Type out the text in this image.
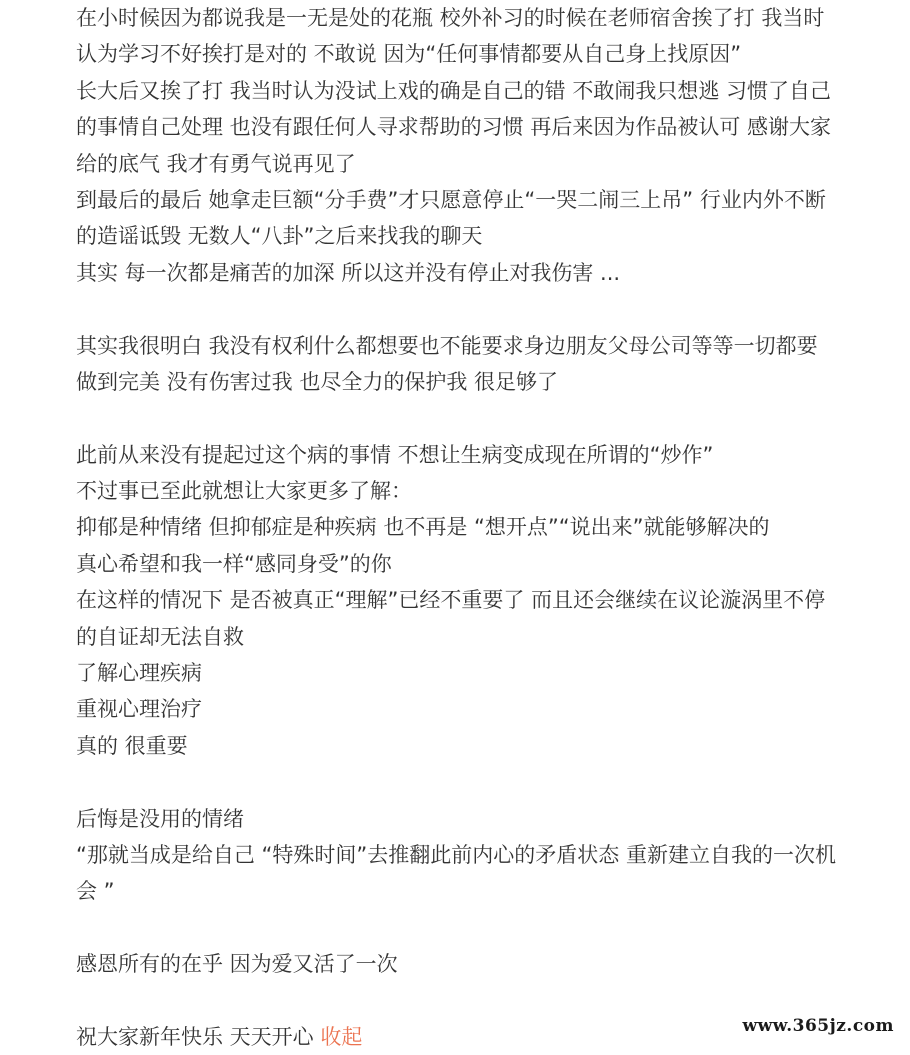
在小时候因为都说我是一无是处的花瓶 校外补习的时候在老师宿舍挨了打 我当时

认为学习不好挨打是对的 不敢说 因为“任何事情都要从自己身上找原因”

长大后又挨了打 我当时认为没试上戏的确是自己的错 不敢闹我只想逃 习惯了自己

的事情自己处理 也没有跟任何人寻求帮助的习惯 再后来因为作品被认可 感谢大家

给的底气 我才有勇气说再见了

到最后的最后 她拿走巨额“分手费”才只愿意停止“一哭二闹三上吊” 行业内外不断

的造谣诋毁 无数人“八卦”之后来找我的聊天

其实 每一次都是痛苦的加深 所以这并没有停止对我伤害 ...

其实我很明白 我没有权利什么都想要也不能要求身边朋友父母公司等等一切都要

做到完美 没有伤害过我 也尽全力的保护我 很足够了

此前从来没有提起过这个病的事情 不想让生病变成现在所谓的“炒作”

不过事已至此就想让大家更多了解：

抑郁是种情绪 但抑郁症是种疾病 也不再是 “想开点”“说出来”就能够解决的

真心希望和我一样“感同身受”的你

在这样的情况下 是否被真正“理解”已经不重要了 而且还会继续在议论漩涡里不停

的自证却无法自救

了解心理疾病

重视心理治疗

真的 很重要

后悔是没用的情绪

“那就当成是给自己 “特殊时间”去推翻此前内心的矛盾状态 重新建立自我的一次机

会 ”

感恩所有的在乎 因为爱又活了一次

祝大家新年快乐 天天开心 收起	www.365jz.com
